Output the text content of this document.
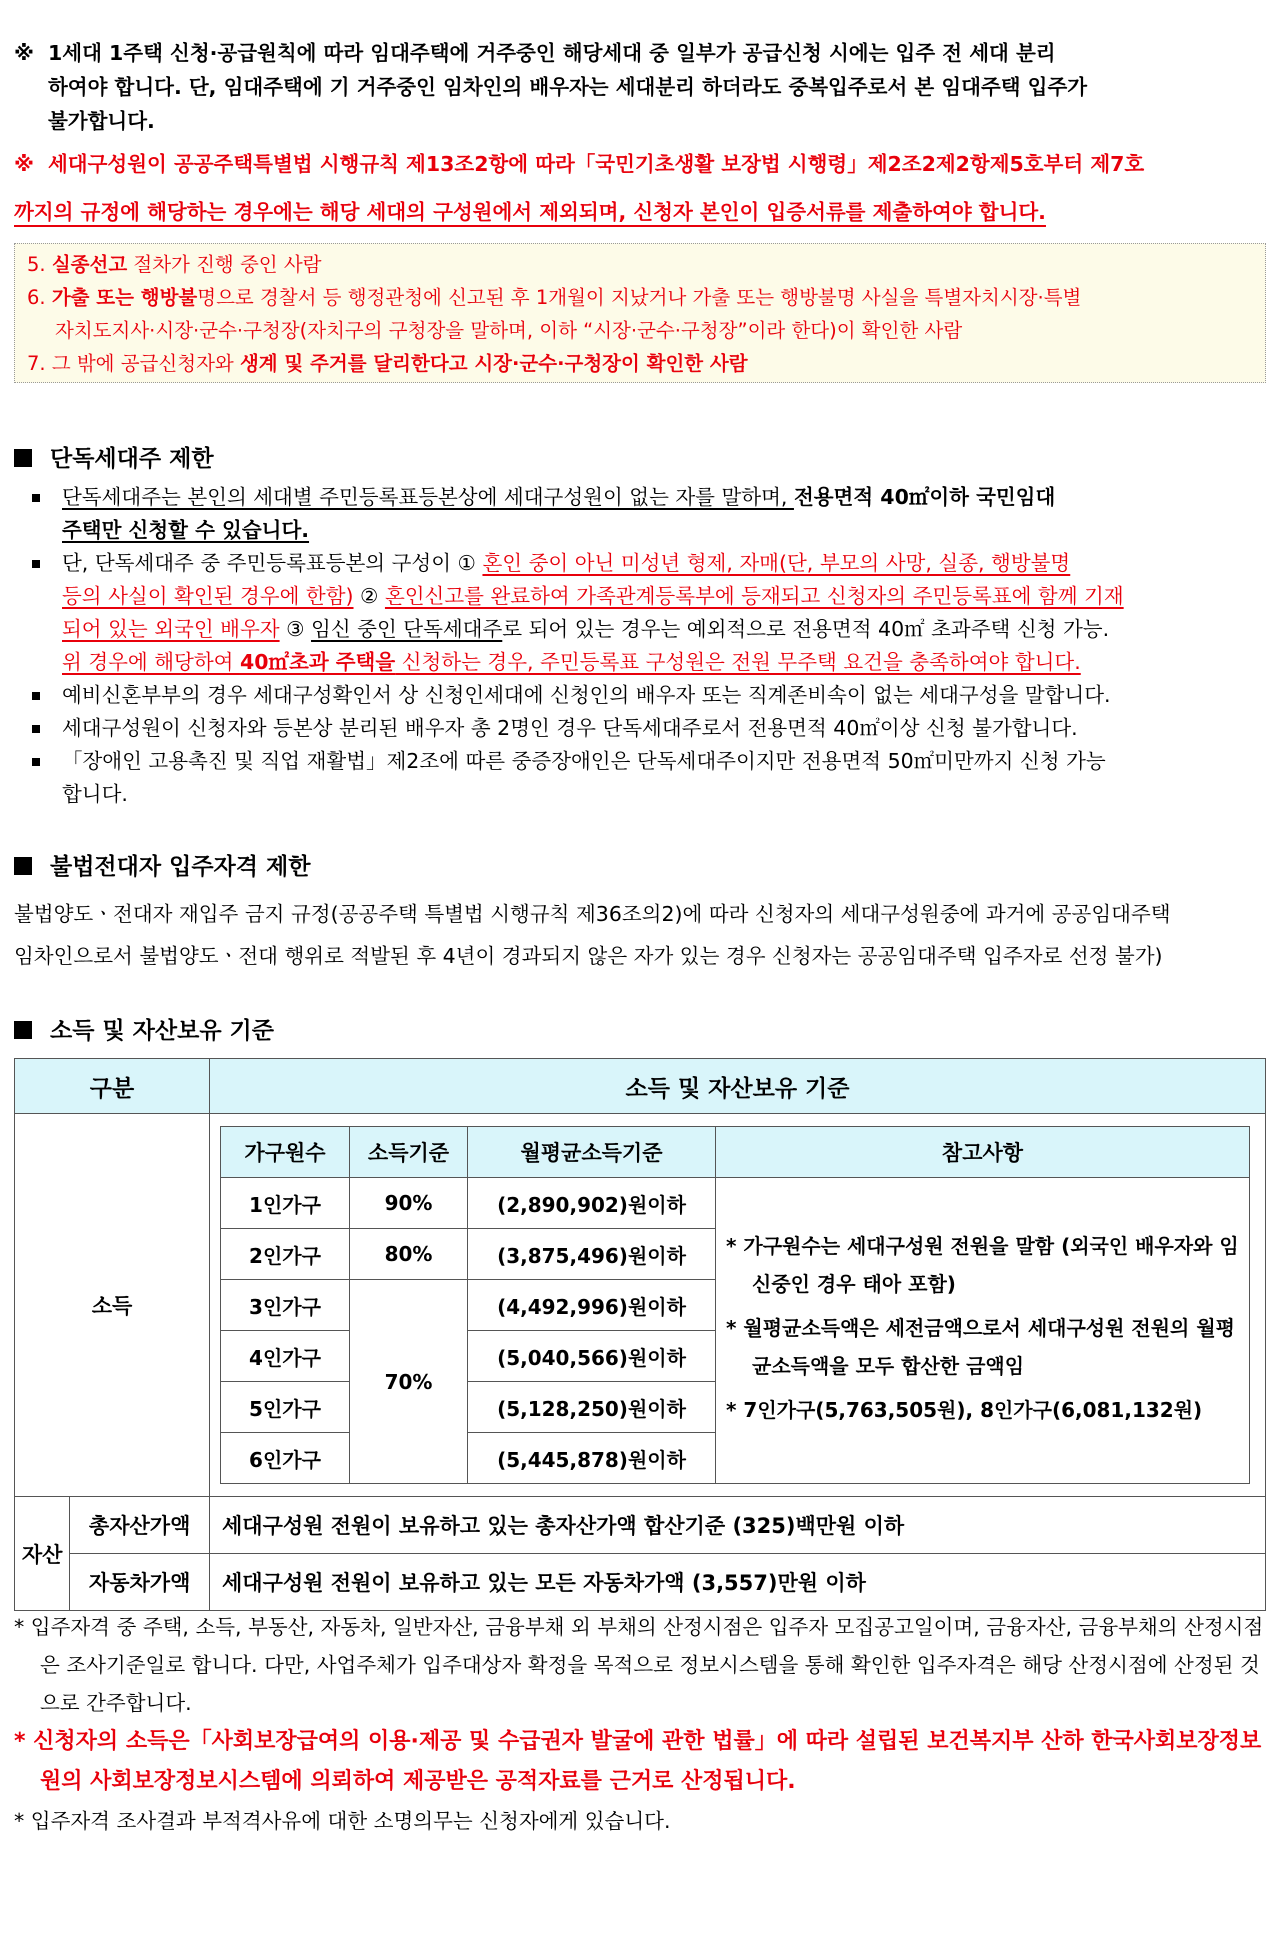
※ 1세대 1주택 신청·공급원칙에 따라 임대주택에 거주중인 해당세대 중 일부가 공급신청 시에는 입주 전 세대 분리
하여야 합니다. 단, 임대주택에 기 거주중인 임차인의 배우자는 세대분리 하더라도 중복입주로서 본 임대주택 입주가
불가합니다.
※ 세대구성원이 공공주택특별법 시행규칙 제13조2항에 따라「국민기초생활 보장법 시행령」제2조2제2항제5호부터 제7호
까지의 규정에 해당하는 경우에는 해당 세대의 구성원에서 제외되며, 신청자 본인이 입증서류를 제출하여야 합니다.
5. 실종선고 절차가 진행 중인 사람
6. 가출 또는 행방불명으로 경찰서 등 행정관청에 신고된 후 1개월이 지났거나 가출 또는 행방불명 사실을 특별자치시장·특별
자치도지사·시장·군수·구청장(자치구의 구청장을 말하며, 이하 “시장·군수·구청장”이라 한다)이 확인한 사람
7. 그 밖에 공급신청자와 생계 및 주거를 달리한다고 시장·군수·구청장이 확인한 사람
단독세대주 제한
단독세대주는 본인의 세대별 주민등록표등본상에 세대구성원이 없는 자를 말하며, 전용면적 40㎡이하 국민임대
주택만 신청할 수 있습니다.
단, 단독세대주 중 주민등록표등본의 구성이 ① 혼인 중이 아닌 미성년 형제, 자매(단, 부모의 사망, 실종, 행방불명
등의 사실이 확인된 경우에 한함) ② 혼인신고를 완료하여 가족관계등록부에 등재되고 신청자의 주민등록표에 함께 기재
되어 있는 외국인 배우자 ③ 임신 중인 단독세대주로 되어 있는 경우는 예외적으로 전용면적 40㎡ 초과주택 신청 가능.
위 경우에 해당하여 40㎡초과 주택을 신청하는 경우, 주민등록표 구성원은 전원 무주택 요건을 충족하여야 합니다.
예비신혼부부의 경우 세대구성확인서 상 신청인세대에 신청인의 배우자 또는 직계존비속이 없는 세대구성을 말합니다.
세대구성원이 신청자와 등본상 분리된 배우자 총 2명인 경우 단독세대주로서 전용면적 40㎡이상 신청 불가합니다.
「장애인 고용촉진 및 직업 재활법」제2조에 따른 중증장애인은 단독세대주이지만 전용면적 50㎡미만까지 신청 가능
합니다.
불법전대자 입주자격 제한
불법양도ㆍ전대자 재입주 금지 규정(공공주택 특별법 시행규칙 제36조의2)에 따라 신청자의 세대구성원중에 과거에 공공임대주택
임차인으로서 불법양도ㆍ전대 행위로 적발된 후 4년이 경과되지 않은 자가 있는 경우 신청자는 공공임대주택 입주자로 선정 불가)
소득 및 자산보유 기준
구분	소득 및 자산보유 기준
소득	
가구원수	소득기준	월평균소득기준	참고사항
1인가구	90%	(2,890,902)원이하	
* 가구원수는 세대구성원 전원을 말함 (외국인 배우자와 임신중인 경우 태아 포함)
* 월평균소득액은 세전금액으로서 세대구성원 전원의 월평균소득액을 모두 합산한 금액임
* 7인가구(5,763,505원), 8인가구(6,081,132원)

2인가구	80%	(3,875,496)원이하
3인가구	70%	(4,492,996)원이하
4인가구	(5,040,566)원이하
5인가구	(5,128,250)원이하
6인가구	(5,445,878)원이하

자산	총자산가액	세대구성원 전원이 보유하고 있는 총자산가액 합산기준 (325)백만원 이하
자동차가액	세대구성원 전원이 보유하고 있는 모든 자동차가액 (3,557)만원 이하
* 입주자격 중 주택, 소득, 부동산, 자동차, 일반자산, 금융부채 외 부채의 산정시점은 입주자 모집공고일이며, 금융자산, 금융부채의 산정시점은 조사기준일로 합니다. 다만, 사업주체가 입주대상자 확정을 목적으로 정보시스템을 통해 확인한 입주자격은 해당 산정시점에 산정된 것으로 간주합니다.
* 신청자의 소득은「사회보장급여의 이용·제공 및 수급권자 발굴에 관한 법률」에 따라 설립된 보건복지부 산하 한국사회보장정보원의 사회보장정보시스템에 의뢰하여 제공받은 공적자료를 근거로 산정됩니다.
* 입주자격 조사결과 부적격사유에 대한 소명의무는 신청자에게 있습니다.
